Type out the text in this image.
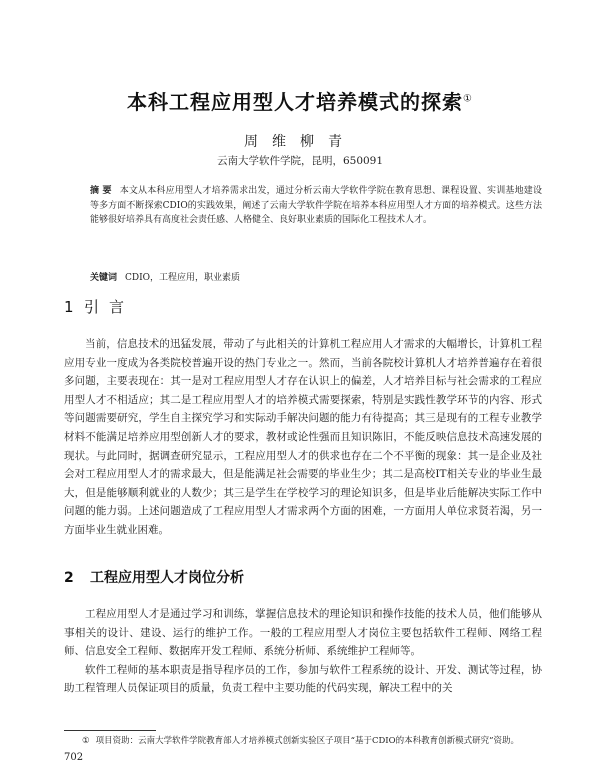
本科工程应用型人才培养模式的探索①
周维柳青
云南大学软件学院，昆明，650091
摘 要 本文从本科应用型人才培养需求出发，通过分析云南大学软件学院在教育思想、课程设置、实训基地建设等多方面不断探索CDIO的实践效果，阐述了云南大学软件学院在培养本科应用型人才方面的培养模式。这些方法能够很好培养具有高度社会责任感、人格健全、良好职业素质的国际化工程技术人才。
关键词 CDIO，工程应用，职业素质
1 引言

当前，信息技术的迅猛发展，带动了与此相关的计算机工程应用人才需求的大幅增长，计算机工程应用专业一度成为各类院校普遍开设的热门专业之一。然而，当前各院校计算机人才培养普遍存在着很多问题，主要表现在：其一是对工程应用型人才存在认识上的偏差，人才培养目标与社会需求的工程应用型人才不相适应；其二是工程应用型人才的培养模式需要探索，特别是实践性教学环节的内容、形式等问题需要研究，学生自主探究学习和实际动手解决问题的能力有待提高；其三是现有的工程专业教学材料不能满足培养应用型创新人才的要求，教材或论性强而且知识陈旧，不能反映信息技术高速发展的现状。与此同时，据调查研究显示，工程应用型人才的供求也存在二个不平衡的现象：其一是企业及社会对工程应用型人才的需求最大，但是能满足社会需要的毕业生少；其二是高校IT相关专业的毕业生最大，但是能够顺利就业的人数少；其三是学生在学校学习的理论知识多，但是毕业后能解决实际工作中问题的能力弱。上述问题造成了工程应用型人才需求两个方面的困难，一方面用人单位求贤若渴，另一方面毕业生就业困难。

2 工程应用型人才岗位分析

工程应用型人才是通过学习和训练，掌握信息技术的理论知识和操作技能的技术人员，他们能够从事相关的设计、建设、运行的维护工作。一般的工程应用型人才岗位主要包括软件工程师、网络工程师、信息安全工程师、数据库开发工程师、系统分析师、系统维护工程师等。

软件工程师的基本职责是指导程序员的工作，参加与软件工程系统的设计、开发、测试等过程，协助工程管理人员保证项目的质量，负责工程中主要功能的代码实现，解决工程中的关

① 项目资助：云南大学软件学院教育部人才培养模式创新实验区子项目“基于CDIO的本科教育创新模式研究”资助。
702
